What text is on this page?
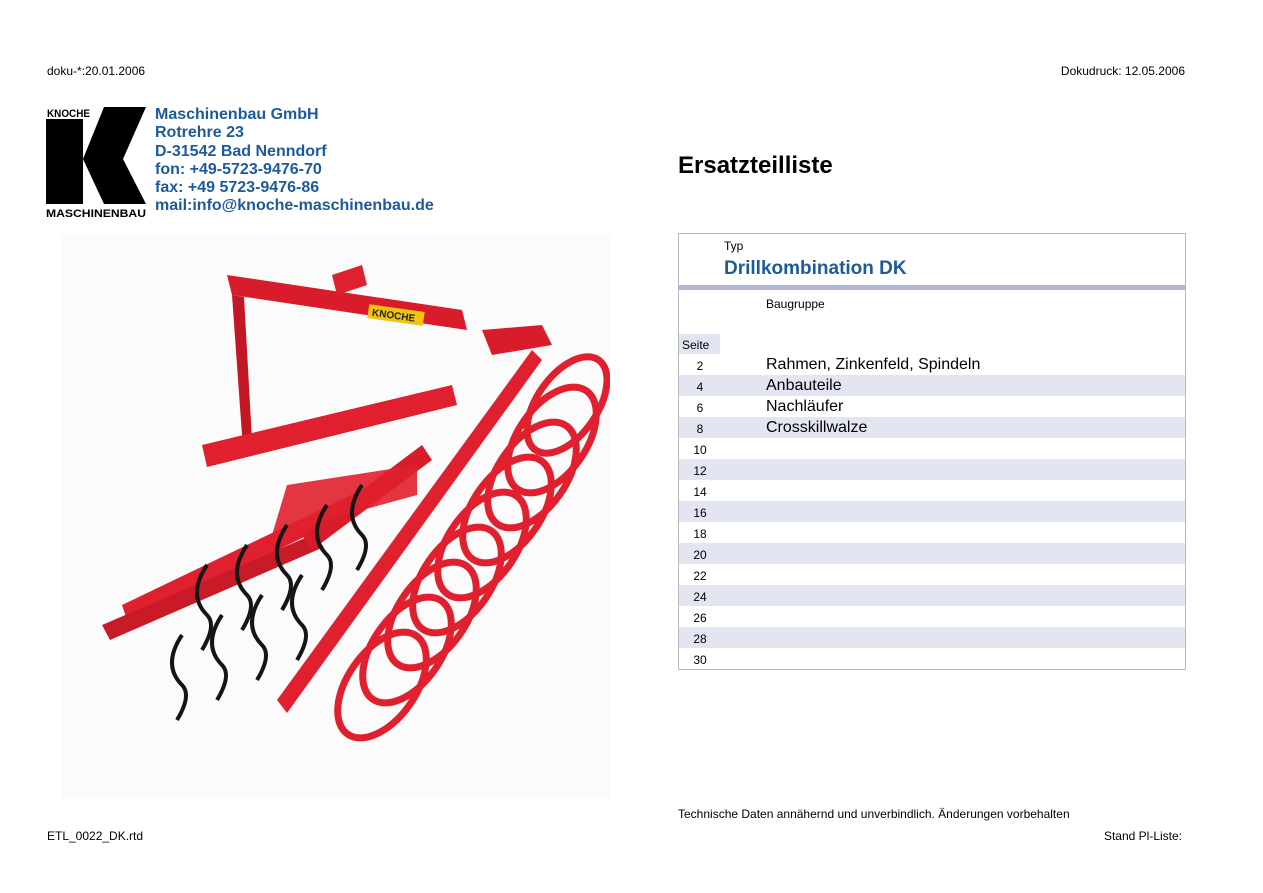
doku-*:20.01.2006	Dokudruck: 12.05.2006
KNOCHE
MASCHINENBAU
Maschinenbau GmbH
Rotrehre 23
D-31542 Bad Nenndorf
fon: +49-5723-9476-70
fax: +49 5723-9476-86
mail:info@knoche-maschinenbau.de
KNOCHE
Ersatzteilliste
Typ
Drillkombination DK
Baugruppe
Seite
2	Rahmen, Zinkenfeld, Spindeln
4	Anbauteile
6	Nachläufer
8	Crosskillwalze
10
12
14
16
18
20
22
24
26
28
30
Technische Daten annähernd und unverbindlich. Änderungen vorbehalten
ETL_0022_DK.rtd	Stand Pl-Liste:
